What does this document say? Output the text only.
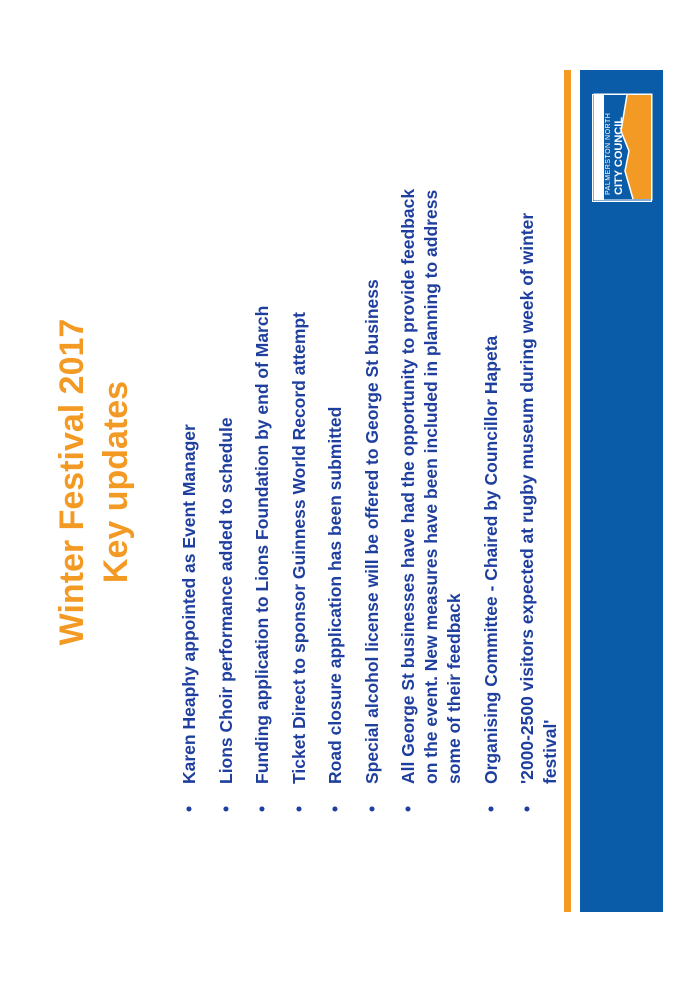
Winter Festival 2017 Key updates
•
Karen Heaphy appointed as Event Manager
•
Lions Choir performance added to schedule
•
Funding application to Lions Foundation by end of March
•
Ticket Direct to sponsor Guinness World Record attempt
•
Road closure application has been submitted
•
Special alcohol license will be offered to George St business
•
All George St businesses have had the opportunity to provide feedback on the event. New measures have been included in planning to address some of their feedback
•
Organising Committee - Chaired by Councillor Hapeta
•
'2000-2500 visitors expected at rugby museum during week of winter festival'
PALMERSTON NORTH CITY COUNCIL
